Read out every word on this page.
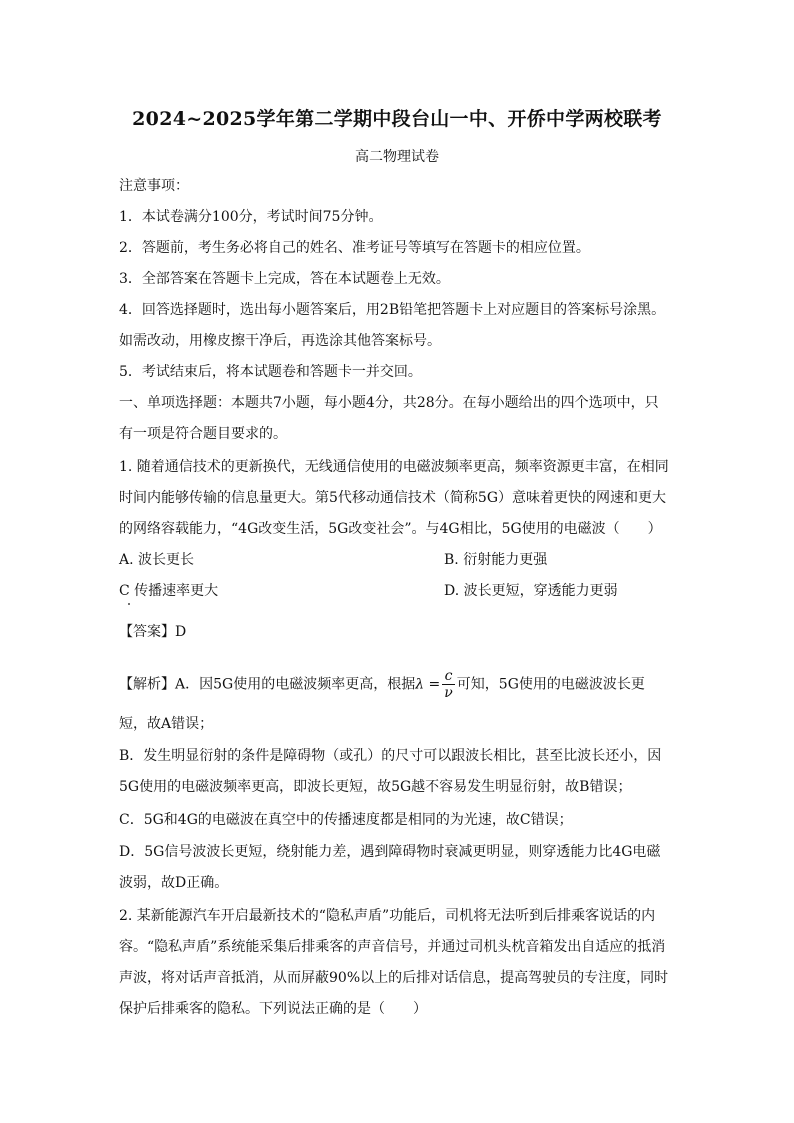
2024~2025学年第二学期中段台山一中、开侨中学两校联考
高二物理试卷
注意事项：
1．本试卷满分100分，考试时间75分钟。
2．答题前，考生务必将自己的姓名、准考证号等填写在答题卡的相应位置。
3．全部答案在答题卡上完成，答在本试题卷上无效。
4．回答选择题时，选出每小题答案后，用2B铅笔把答题卡上对应题目的答案标号涂黑。
如需改动，用橡皮擦干净后，再选涂其他答案标号。
5．考试结束后，将本试题卷和答题卡一并交回。
一、单项选择题：本题共7小题，每小题4分，共28分。在每小题给出的四个选项中，只
有一项是符合题目要求的。
1. 随着通信技术的更新换代，无线通信使用的电磁波频率更高，频率资源更丰富，在相同
时间内能够传输的信息量更大。第5代移动通信技术（简称5G）意味着更快的网速和更大
的网络容载能力，“4G改变生活，5G改变社会”。与4G相比，5G使用的电磁波（　　）
A. 波长更长	B. 衍射能力更强
C 传播速率更大	D. 波长更短，穿透能力更弱
【答案】D
【解析】A．因5G使用的电磁波频率更高，根据$\lambda = \frac{c}{\nu}$ 可知，5G使用的电磁波波长更
短，故A错误；
B．发生明显衍射的条件是障碍物（或孔）的尺寸可以跟波长相比，甚至比波长还小，因
5G使用的电磁波频率更高，即波长更短，故5G越不容易发生明显衍射，故B错误；
C．5G和4G的电磁波在真空中的传播速度都是相同的为光速，故C错误；
D．5G信号波波长更短，绕射能力差，遇到障碍物时衰减更明显，则穿透能力比4G电磁
波弱，故D正确。
2. 某新能源汽车开启最新技术的“隐私声盾”功能后，司机将无法听到后排乘客说话的内
容。“隐私声盾”系统能采集后排乘客的声音信号，并通过司机头枕音箱发出自适应的抵消
声波，将对话声音抵消，从而屏蔽90%以上的后排对话信息，提高驾驶员的专注度，同时
保护后排乘客的隐私。下列说法正确的是（　　）
